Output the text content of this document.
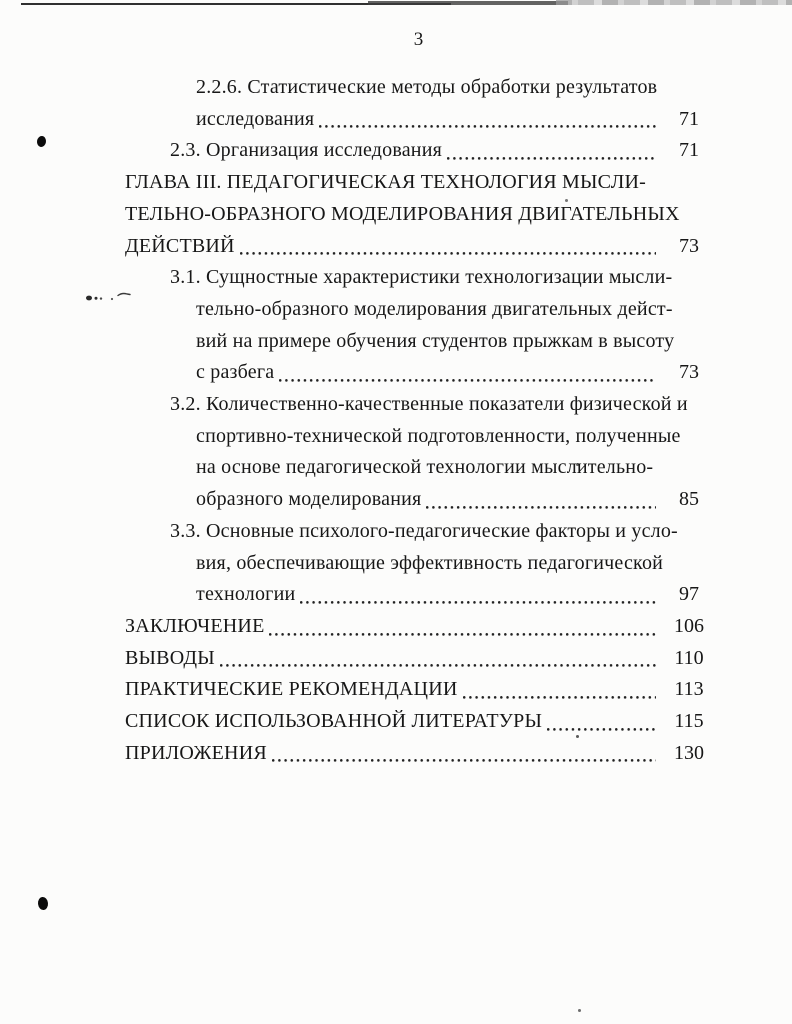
3
2.2.6. Статистические методы обработки результатов
исследования	71
2.3. Организация исследования	71
ГЛАВА III. ПЕДАГОГИЧЕСКАЯ ТЕХНОЛОГИЯ МЫСЛИ-
ТЕЛЬНО-ОБРАЗНОГО МОДЕЛИРОВАНИЯ ДВИГАТЕЛЬНЫХ
ДЕЙСТВИЙ	73
3.1. Сущностные характеристики технологизации мысли-
тельно-образного моделирования двигательных дейст-
вий на примере обучения студентов прыжкам в высоту
с разбега	73
3.2. Количественно-качественные показатели физической и
спортивно-технической подготовленности, полученные
на основе педагогической технологии мыслительно-
образного моделирования	85
3.3. Основные психолого-педагогические факторы и усло-
вия, обеспечивающие эффективность педагогической
технологии	97
ЗАКЛЮЧЕНИЕ	106
ВЫВОДЫ	110
ПРАКТИЧЕСКИЕ РЕКОМЕНДАЦИИ	113
СПИСОК ИСПОЛЬЗОВАННОЙ ЛИТЕРАТУРЫ	115
ПРИЛОЖЕНИЯ	130
